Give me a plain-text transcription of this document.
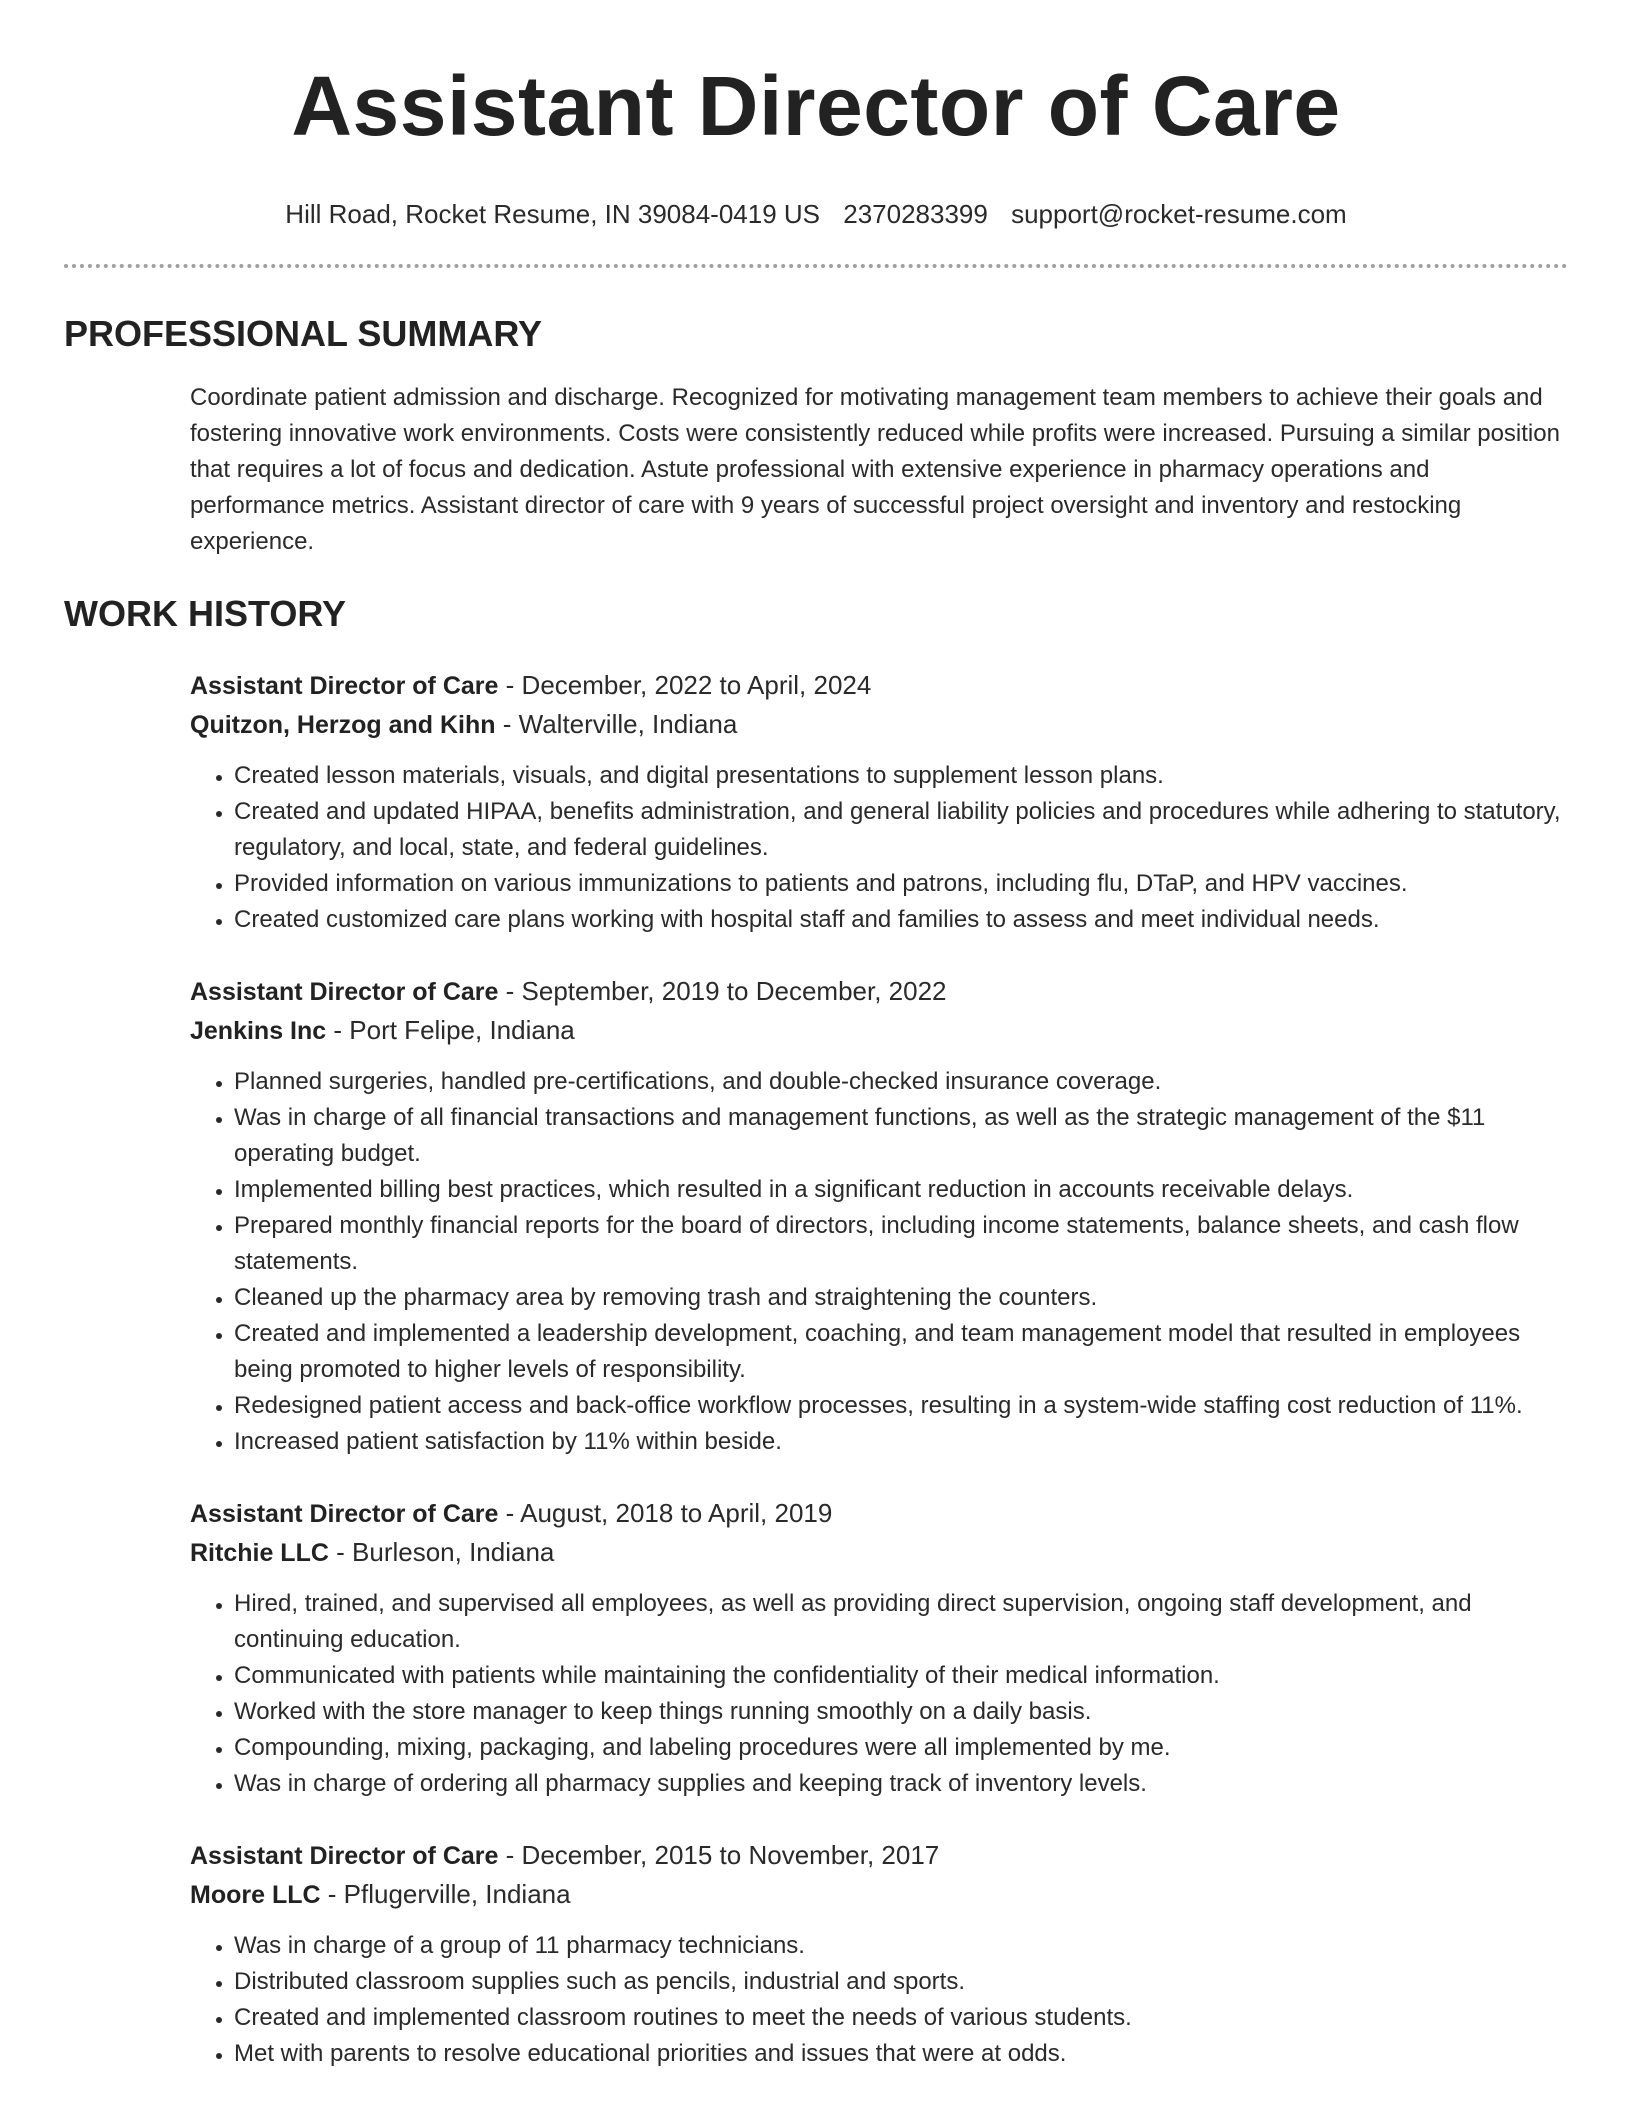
Assistant Director of Care
Hill Road, Rocket Resume, IN 39084-0419 US 2370283399 support@rocket-resume.com
PROFESSIONAL SUMMARY

Coordinate patient admission and discharge. Recognized for motivating management team members to achieve their goals and fostering innovative work environments. Costs were consistently reduced while profits were increased. Pursuing a similar position that requires a lot of focus and dedication. Astute professional with extensive experience in pharmacy operations and performance metrics. Assistant director of care with 9 years of successful project oversight and inventory and restocking experience.

WORK HISTORY
Assistant Director of Care - December, 2022 to April, 2024
Quitzon, Herzog and Kihn - Walterville, Indiana
• Created lesson materials, visuals, and digital presentations to supplement lesson plans.
• Created and updated HIPAA, benefits administration, and general liability policies and procedures while adhering to statutory, regulatory, and local, state, and federal guidelines.
• Provided information on various immunizations to patients and patrons, including flu, DTaP, and HPV vaccines.
• Created customized care plans working with hospital staff and families to assess and meet individual needs.
Assistant Director of Care - September, 2019 to December, 2022
Jenkins Inc - Port Felipe, Indiana
• Planned surgeries, handled pre-certifications, and double-checked insurance coverage.
• Was in charge of all financial transactions and management functions, as well as the strategic management of the $11 operating budget.
• Implemented billing best practices, which resulted in a significant reduction in accounts receivable delays.
• Prepared monthly financial reports for the board of directors, including income statements, balance sheets, and cash flow statements.
• Cleaned up the pharmacy area by removing trash and straightening the counters.
• Created and implemented a leadership development, coaching, and team management model that resulted in employees being promoted to higher levels of responsibility.
• Redesigned patient access and back-office workflow processes, resulting in a system-wide staffing cost reduction of 11%.
• Increased patient satisfaction by 11% within beside.
Assistant Director of Care - August, 2018 to April, 2019
Ritchie LLC - Burleson, Indiana
• Hired, trained, and supervised all employees, as well as providing direct supervision, ongoing staff development, and continuing education.
• Communicated with patients while maintaining the confidentiality of their medical information.
• Worked with the store manager to keep things running smoothly on a daily basis.
• Compounding, mixing, packaging, and labeling procedures were all implemented by me.
• Was in charge of ordering all pharmacy supplies and keeping track of inventory levels.
Assistant Director of Care - December, 2015 to November, 2017
Moore LLC - Pflugerville, Indiana
• Was in charge of a group of 11 pharmacy technicians.
• Distributed classroom supplies such as pencils, industrial and sports.
• Created and implemented classroom routines to meet the needs of various students.
• Met with parents to resolve educational priorities and issues that were at odds.
